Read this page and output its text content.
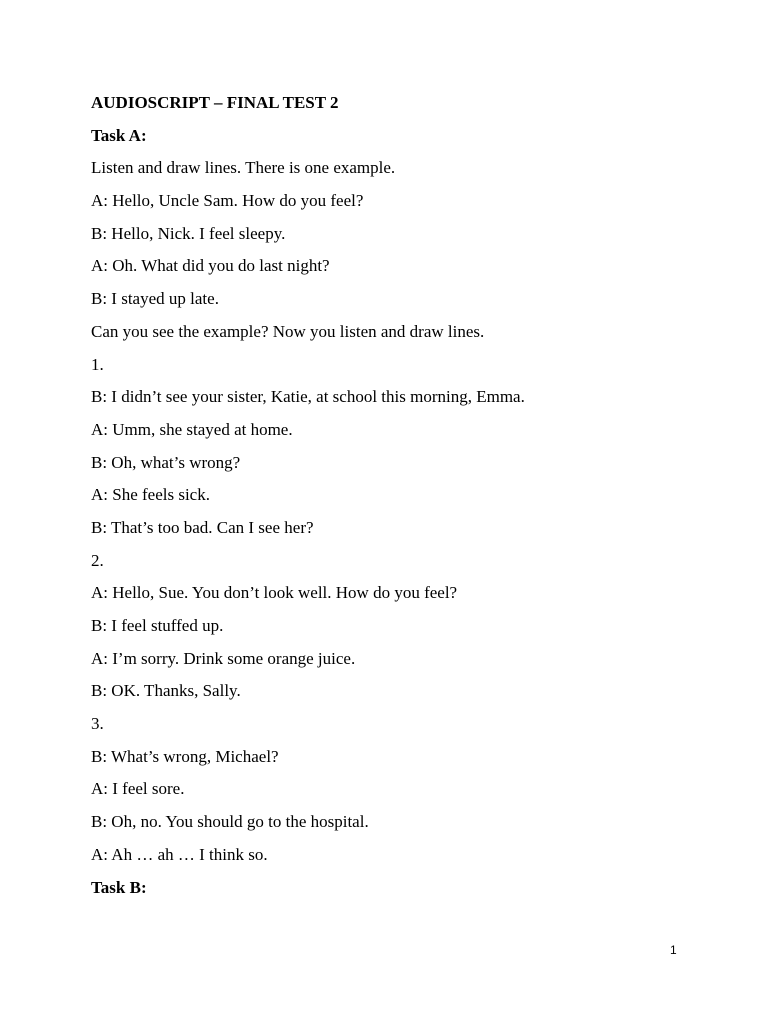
AUDIOSCRIPT – FINAL TEST 2
Task A:
Listen and draw lines. There is one example.
A: Hello, Uncle Sam. How do you feel?
B: Hello, Nick. I feel sleepy.
A: Oh. What did you do last night?
B: I stayed up late.
Can you see the example? Now you listen and draw lines.
1.
B: I didn’t see your sister, Katie, at school this morning, Emma.
A: Umm, she stayed at home.
B: Oh, what’s wrong?
A: She feels sick.
B: That’s too bad. Can I see her?
2.
A: Hello, Sue. You don’t look well. How do you feel?
B: I feel stuffed up.
A: I’m sorry. Drink some orange juice.
B: OK. Thanks, Sally.
3.
B: What’s wrong, Michael?
A: I feel sore.
B: Oh, no. You should go to the hospital.
A: Ah … ah … I think so.
Task B:
1
